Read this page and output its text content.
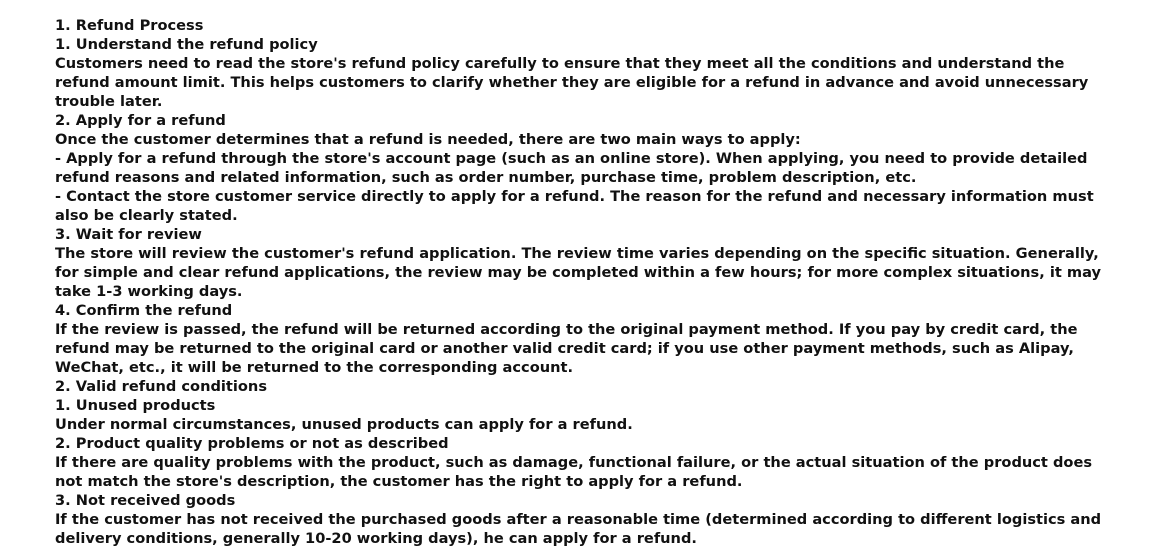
1. Refund Process

1. Understand the refund policy

Customers need to read the store's refund policy carefully to ensure that they meet all the conditions and understand the refund amount limit. This helps customers to clarify whether they are eligible for a refund in advance and avoid unnecessary trouble later.

2. Apply for a refund

Once the customer determines that a refund is needed, there are two main ways to apply:

- Apply for a refund through the store's account page (such as an online store). When applying, you need to provide detailed refund reasons and related information, such as order number, purchase time, problem description, etc.

- Contact the store customer service directly to apply for a refund. The reason for the refund and necessary information must also be clearly stated.

3. Wait for review

The store will review the customer's refund application. The review time varies depending on the specific situation. Generally, for simple and clear refund applications, the review may be completed within a few hours; for more complex situations, it may take 1-3 working days.

4. Confirm the refund

If the review is passed, the refund will be returned according to the original payment method. If you pay by credit card, the refund may be returned to the original card or another valid credit card; if you use other payment methods, such as Alipay, WeChat, etc., it will be returned to the corresponding account.

2. Valid refund conditions

1. Unused products

Under normal circumstances, unused products can apply for a refund.

2. Product quality problems or not as described

If there are quality problems with the product, such as damage, functional failure, or the actual situation of the product does not match the store's description, the customer has the right to apply for a refund.

3. Not received goods

If the customer has not received the purchased goods after a reasonable time (determined according to different logistics and delivery conditions, generally 10-20 working days), he can apply for a refund.
